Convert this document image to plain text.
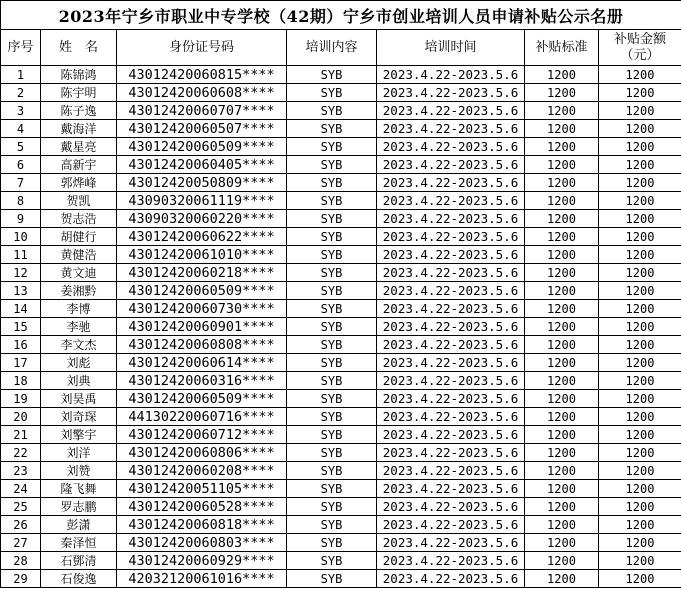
2023年宁乡市职业中专学校（42期）宁乡市创业培训人员申请补贴公示名册						
序号	姓　名	身份证号码	培训内容	培训时间	补贴标准	补贴金额
（元）

1	陈锦鸿	43012420060815****	SYB	2023.4.22-2023.5.6	1200	1200
2	陈宇明	43012420060608****	SYB	2023.4.22-2023.5.6	1200	1200
3	陈子逸	43012420060707****	SYB	2023.4.22-2023.5.6	1200	1200
4	戴海洋	43012420060507****	SYB	2023.4.22-2023.5.6	1200	1200
5	戴星亮	43012420060509****	SYB	2023.4.22-2023.5.6	1200	1200
6	高新宇	43012420060405****	SYB	2023.4.22-2023.5.6	1200	1200
7	郭烨峰	43012420050809****	SYB	2023.4.22-2023.5.6	1200	1200
8	贺凯	43090320061119****	SYB	2023.4.22-2023.5.6	1200	1200
9	贺志浩	43090320060220****	SYB	2023.4.22-2023.5.6	1200	1200
10	胡健行	43012420060622****	SYB	2023.4.22-2023.5.6	1200	1200
11	黄健浩	43012420061010****	SYB	2023.4.22-2023.5.6	1200	1200
12	黄文迪	43012420060218****	SYB	2023.4.22-2023.5.6	1200	1200
13	姜湘黔	43012420060509****	SYB	2023.4.22-2023.5.6	1200	1200
14	李博	43012420060730****	SYB	2023.4.22-2023.5.6	1200	1200
15	李驰	43012420060901****	SYB	2023.4.22-2023.5.6	1200	1200
16	李文杰	43012420060808****	SYB	2023.4.22-2023.5.6	1200	1200
17	刘彪	43012420060614****	SYB	2023.4.22-2023.5.6	1200	1200
18	刘典	43012420060316****	SYB	2023.4.22-2023.5.6	1200	1200
19	刘昊禹	43012420060509****	SYB	2023.4.22-2023.5.6	1200	1200
20	刘奇琛	44130220060716****	SYB	2023.4.22-2023.5.6	1200	1200
21	刘擎宇	43012420060712****	SYB	2023.4.22-2023.5.6	1200	1200
22	刘洋	43012420060806****	SYB	2023.4.22-2023.5.6	1200	1200
23	刘赞	43012420060208****	SYB	2023.4.22-2023.5.6	1200	1200
24	隆飞舞	43012420051105****	SYB	2023.4.22-2023.5.6	1200	1200
25	罗志鹏	43012420060528****	SYB	2023.4.22-2023.5.6	1200	1200
26	彭潇	43012420060818****	SYB	2023.4.22-2023.5.6	1200	1200
27	秦泽恒	43012420060803****	SYB	2023.4.22-2023.5.6	1200	1200
28	石鄧清	43012420060929****	SYB	2023.4.22-2023.5.6	1200	1200
29	石俊逸	42032120061016****	SYB	2023.4.22-2023.5.6	1200	1200
